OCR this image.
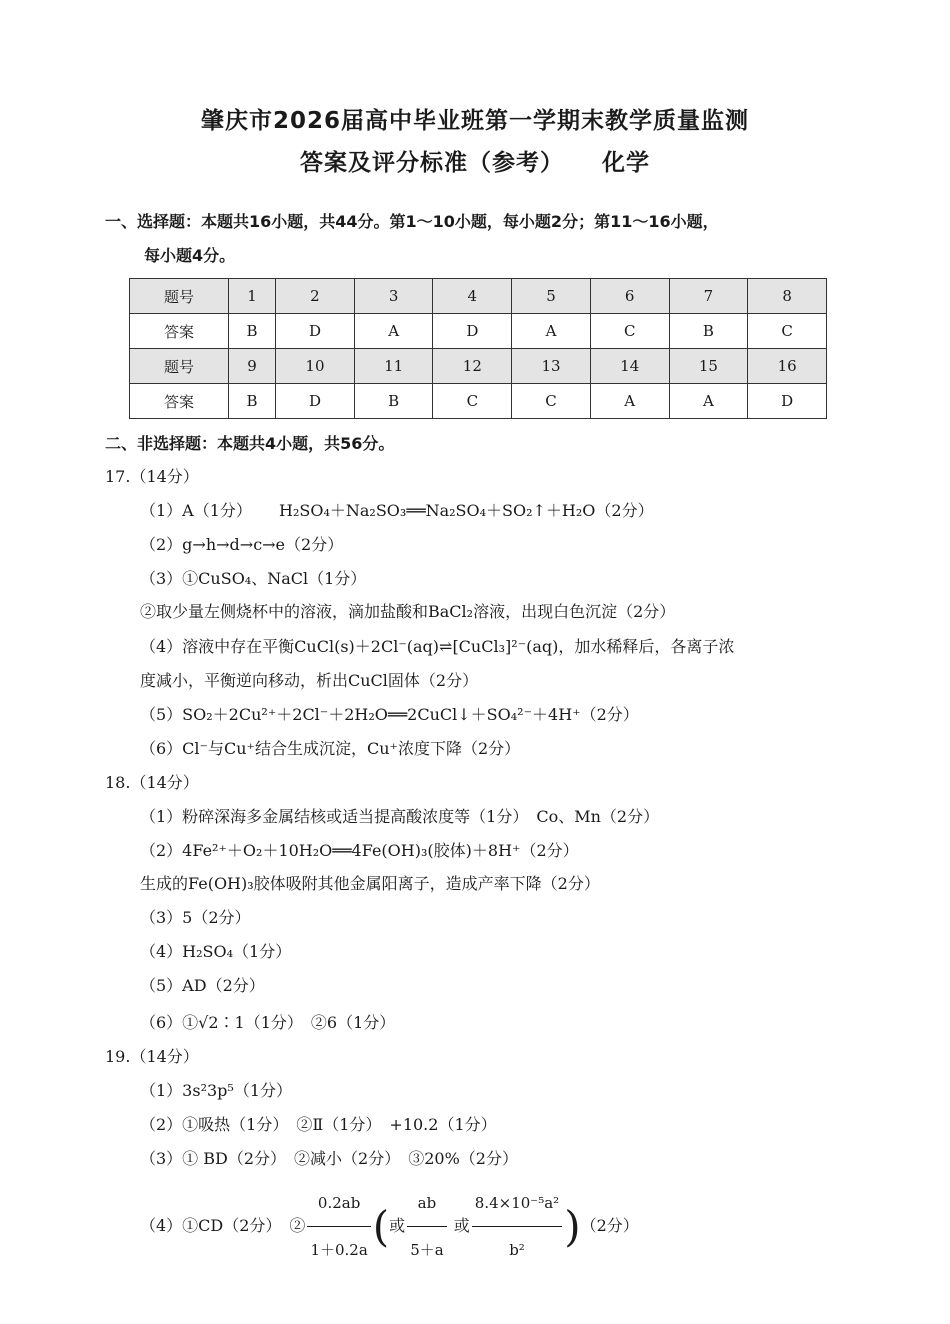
肇庆市2026届高中毕业班第一学期末教学质量监测
答案及评分标准（参考） 化学
一、选择题：本题共16小题，共44分。第1～10小题，每小题2分；第11～16小题，
每小题4分。
题号	1	2	3	4	5	6	7	8
答案	B	D	A	D	A	C	B	C
题号	9	10	11	12	13	14	15	16
答案	B	D	B	C	C	A	A	D
二、非选择题：本题共4小题，共56分。
17.（14分）
（1）A（1分） H₂SO₄＋Na₂SO₃══Na₂SO₄＋SO₂↑＋H₂O（2分）
（2）g→h→d→c→e（2分）
（3）①CuSO₄、NaCl（1分）
②取少量左侧烧杯中的溶液，滴加盐酸和BaCl₂溶液，出现白色沉淀（2分）
（4）溶液中存在平衡CuCl(s)＋2Cl⁻(aq)⇌[CuCl₃]²⁻(aq)，加水稀释后，各离子浓
度减小，平衡逆向移动，析出CuCl固体（2分）
（5）SO₂＋2Cu²⁺＋2Cl⁻＋2H₂O══2CuCl↓＋SO₄²⁻＋4H⁺（2分）
（6）Cl⁻与Cu⁺结合生成沉淀，Cu⁺浓度下降（2分）
18.（14分）
（1）粉碎深海多金属结核或适当提高酸浓度等（1分）　Co、Mn（2分）
（2）4Fe²⁺＋O₂＋10H₂O══4Fe(OH)₃(胶体)＋8H⁺（2分）
生成的Fe(OH)₃胶体吸附其他金属阳离子，造成产率下降（2分）
（3）5（2分）
（4）H₂SO₄（1分）
（5）AD（2分）
（6）①√2∶1（1分）　②6（1分）
19.（14分）
（1）3s²3p⁵（1分）
（2）①吸热（1分）　②Ⅱ（1分）　+10.2（1分）
（3）① BD（2分）　②减小（2分）　③20%（2分）
（4）①CD（2分）　② $\frac{0.2ab}{1+0.2a}$ (或 $\frac{ab}{5+a}$ 或 $\frac{\text{8.4×10⁻⁵a²}}{\text{b²}} )(2$分）
